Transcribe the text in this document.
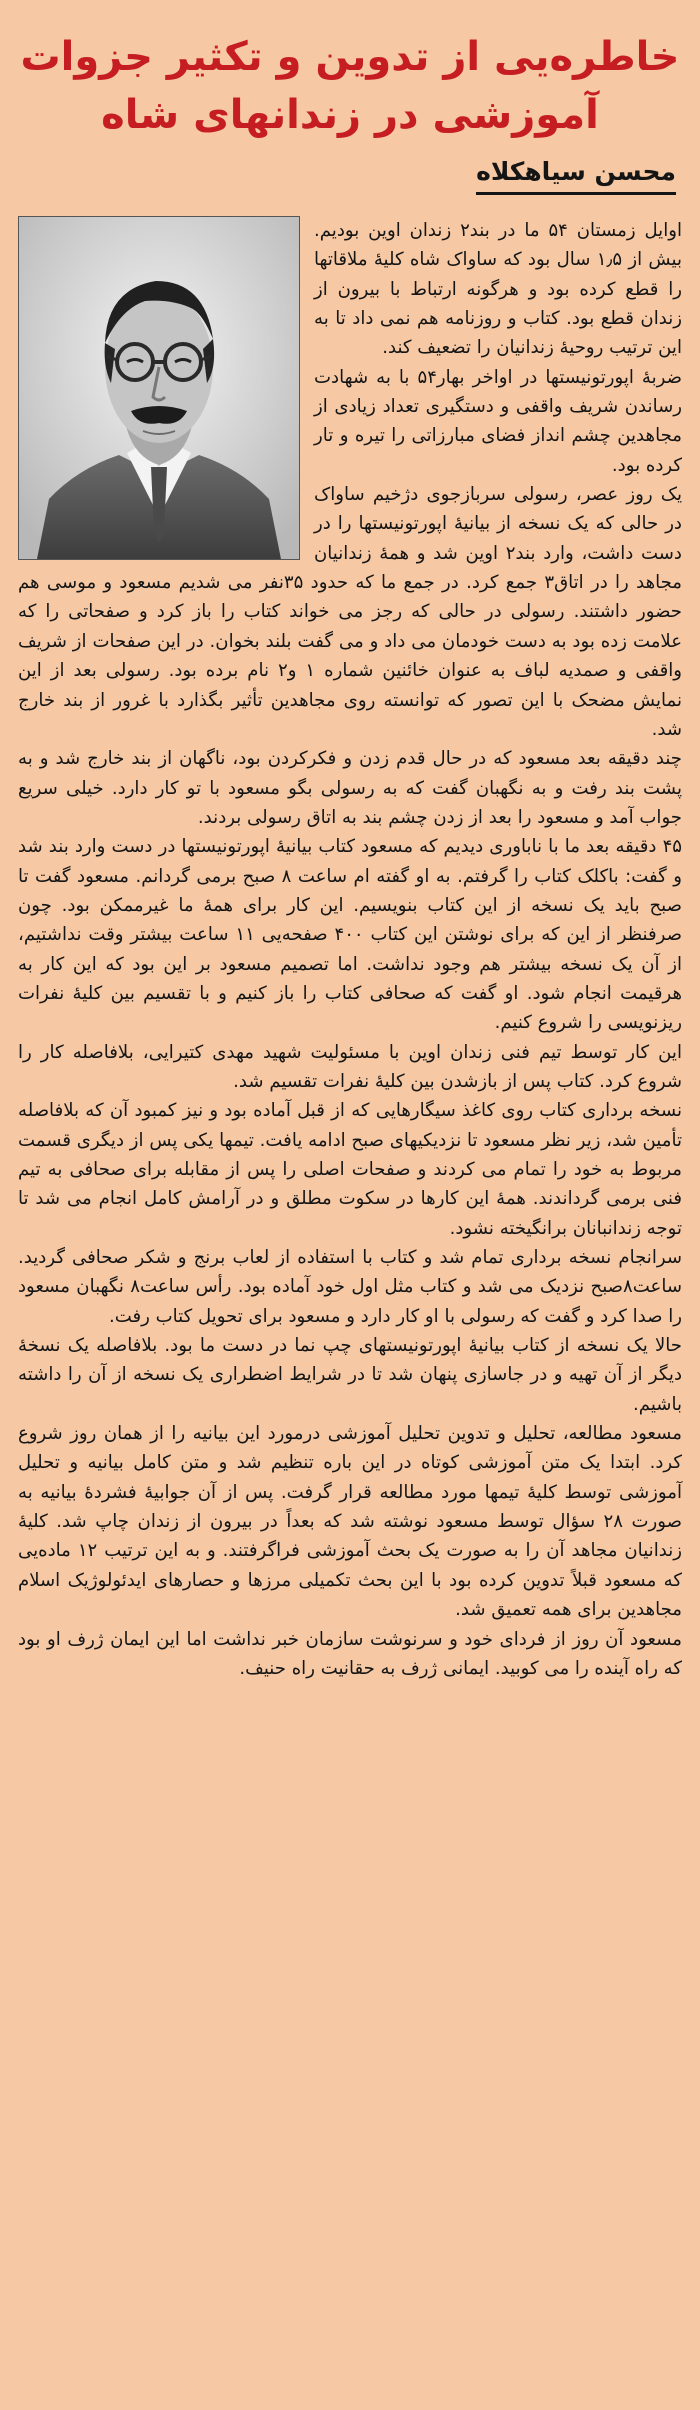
خاطره‌یی از تدوین و تکثیر جزوات آموزشی در زندانهای شاه
محسن سیاهکلاه

اوایل زمستان ۵۴ ما در بند۲ زندان اوین بودیم. بیش از ۱٫۵ سال بود که ساواک شاه کلیهٔ ملاقاتها را قطع کرده بود و هرگونه ارتباط با بیرون از زندان قطع بود. کتاب و روزنامه هم نمی داد تا به این ترتیب روحیهٔ زندانیان را تضعیف کند.

ضربهٔ اپورتونیستها در اواخر بهار۵۴ با به شهادت رساندن شریف واقفی و دستگیری تعداد زیادی از مجاهدین چشم انداز فضای مبارزاتی را تیره و تار کرده بود.

یک روز عصر، رسولی سربازجوی دژخیم ساواک در حالی که یک نسخه از بیانیهٔ اپورتونیستها را در دست داشت، وارد بند۲ اوین شد و همهٔ زندانیان مجاهد را در اتاق۳ جمع کرد. در جمع ما که حدود ۳۵نفر می شدیم مسعود و موسی هم حضور داشتند. رسولی در حالی که رجز می خواند کتاب را باز کرد و صفحاتی را که علامت زده بود به دست خودمان می داد و می گفت بلند بخوان. در این صفحات از شریف واقفی و صمدیه لباف به عنوان خائنین شماره ۱ و۲ نام برده بود. رسولی بعد از این نمایش مضحک با این تصور که توانسته روی مجاهدین تأثیر بگذارد با غرور از بند خارج شد.

چند دقیقه بعد مسعود که در حال قدم زدن و فکرکردن بود، ناگهان از بند خارج شد و به پشت بند رفت و به نگهبان گفت که به رسولی بگو مسعود با تو کار دارد. خیلی سریع جواب آمد و مسعود را بعد از زدن چشم بند به اتاق رسولی بردند.

۴۵ دقیقه بعد ما با ناباوری دیدیم که مسعود کتاب بیانیهٔ اپورتونیستها در دست وارد بند شد و گفت: باکلک کتاب را گرفتم. به او گفته ام ساعت ۸ صبح برمی گردانم. مسعود گفت تا صبح باید یک نسخه از این کتاب بنویسیم. این کار برای همهٔ ما غیرممکن بود. چون صرفنظر از این که برای نوشتن این کتاب ۴۰۰ صفحه‌یی ۱۱ ساعت بیشتر وقت نداشتیم، از آن یک نسخه بیشتر هم وجود نداشت. اما تصمیم مسعود بر این بود که این کار به هرقیمت انجام شود. او گفت که صحافی کتاب را باز کنیم و با تقسیم بین کلیهٔ نفرات ریزنویسی را شروع کنیم.

این کار توسط تیم فنی زندان اوین با مسئولیت شهید مهدی کتیرایی، بلافاصله کار را شروع کرد. کتاب پس از بازشدن بین کلیهٔ نفرات تقسیم شد.

نسخه برداری کتاب روی کاغذ سیگارهایی که از قبل آماده بود و نیز کمبود آن که بلافاصله تأمین شد، زیر نظر مسعود تا نزدیکیهای صبح ادامه یافت. تیمها یکی پس از دیگری قسمت مربوط به خود را تمام می کردند و صفحات اصلی را پس از مقابله برای صحافی به تیم فنی برمی گرداندند. همهٔ این کارها در سکوت مطلق و در آرامش کامل انجام می شد تا توجه زندانبانان برانگیخته نشود.

سرانجام نسخه برداری تمام شد و کتاب با استفاده از لعاب برنج و شکر صحافی گردید. ساعت۸صبح نزدیک می شد و کتاب مثل اول خود آماده بود. رأس ساعت۸ نگهبان مسعود را صدا کرد و گفت که رسولی با او کار دارد و مسعود برای تحویل کتاب رفت.

حالا یک نسخه از کتاب بیانیهٔ اپورتونیستهای چپ نما در دست ما بود. بلافاصله یک نسخهٔ دیگر از آن تهیه و در جاسازی پنهان شد تا در شرایط اضطراری یک نسخه از آن را داشته باشیم.

مسعود مطالعه، تحلیل و تدوین تحلیل آموزشی درمورد این بیانیه را از همان روز شروع کرد. ابتدا یک متن آموزشی کوتاه در این باره تنظیم شد و متن کامل بیانیه و تحلیل آموزشی توسط کلیهٔ تیمها مورد مطالعه قرار گرفت. پس از آن جوابیهٔ فشردهٔ بیانیه به صورت ۲۸ سؤال توسط مسعود نوشته شد که بعداً در بیرون از زندان چاپ شد. کلیهٔ زندانیان مجاهد آن را به صورت یک بحث آموزشی فراگرفتند. و به این ترتیب ۱۲ ماده‌یی که مسعود قبلاً تدوین کرده بود با این بحث تکمیلی مرزها و حصارهای ایدئولوژیک اسلام مجاهدین برای همه تعمیق شد.

مسعود آن روز از فردای خود و سرنوشت سازمان خبر نداشت اما این ایمان ژرف او بود که راه آینده را می کوبید. ایمانی ژرف به حقانیت راه حنیف.
